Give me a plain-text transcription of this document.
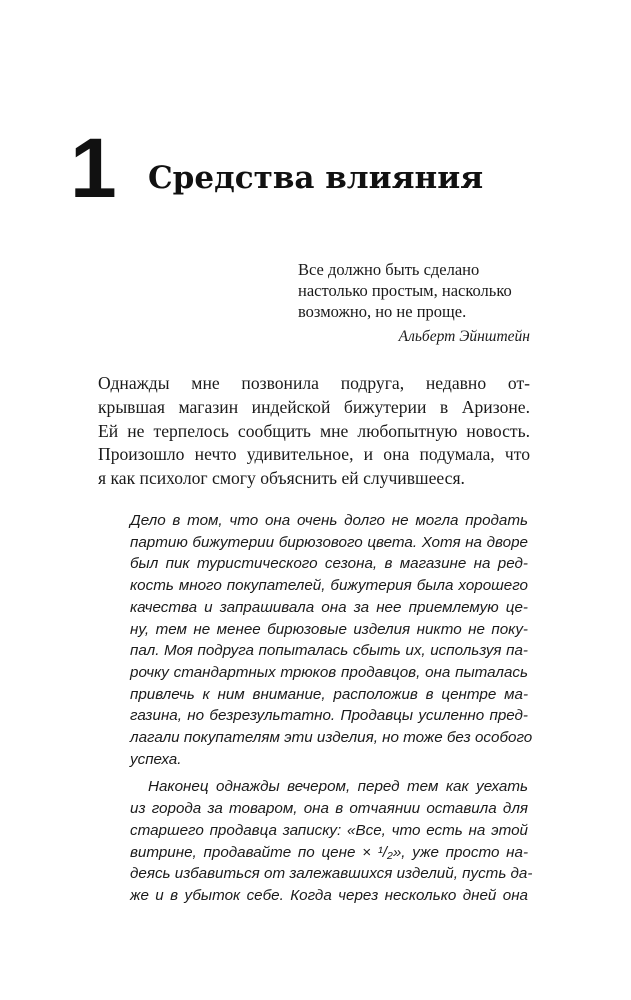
1 Средства влияния
Все должно быть сделано
настолько простым, насколько
возможно, но не проще.
Альберт Эйнштейн
Однажды мне позвонила подруга, недавно от-
крывшая магазин индейской бижутерии в Аризоне.
Ей не терпелось сообщить мне любопытную новость.
Произошло нечто удивительное, и она подумала, что
я как психолог смогу объяснить ей случившееся.
Дело в том, что она очень долго не могла продать
партию бижутерии бирюзового цвета. Хотя на дворе
был пик туристического сезона, в магазине на ред-
кость много покупателей, бижутерия была хорошего
качества и запрашивала она за нее приемлемую це-
ну, тем не менее бирюзовые изделия никто не поку-
пал. Моя подруга попыталась сбыть их, используя па-
рочку стандартных трюков продавцов, она пыталась
привлечь к ним внимание, расположив в центре ма-
газина, но безрезультатно. Продавцы усиленно пред-
лагали покупателям эти изделия, но тоже без особого
успеха.
Наконец однажды вечером, перед тем как уехать
из города за товаром, она в отчаянии оставила для
старшего продавца записку: «Все, что есть на этой
витрине, продавайте по цене × ¹/₂», уже просто на-
деясь избавиться от залежавшихся изделий, пусть да-
же и в убыток себе. Когда через несколько дней она
